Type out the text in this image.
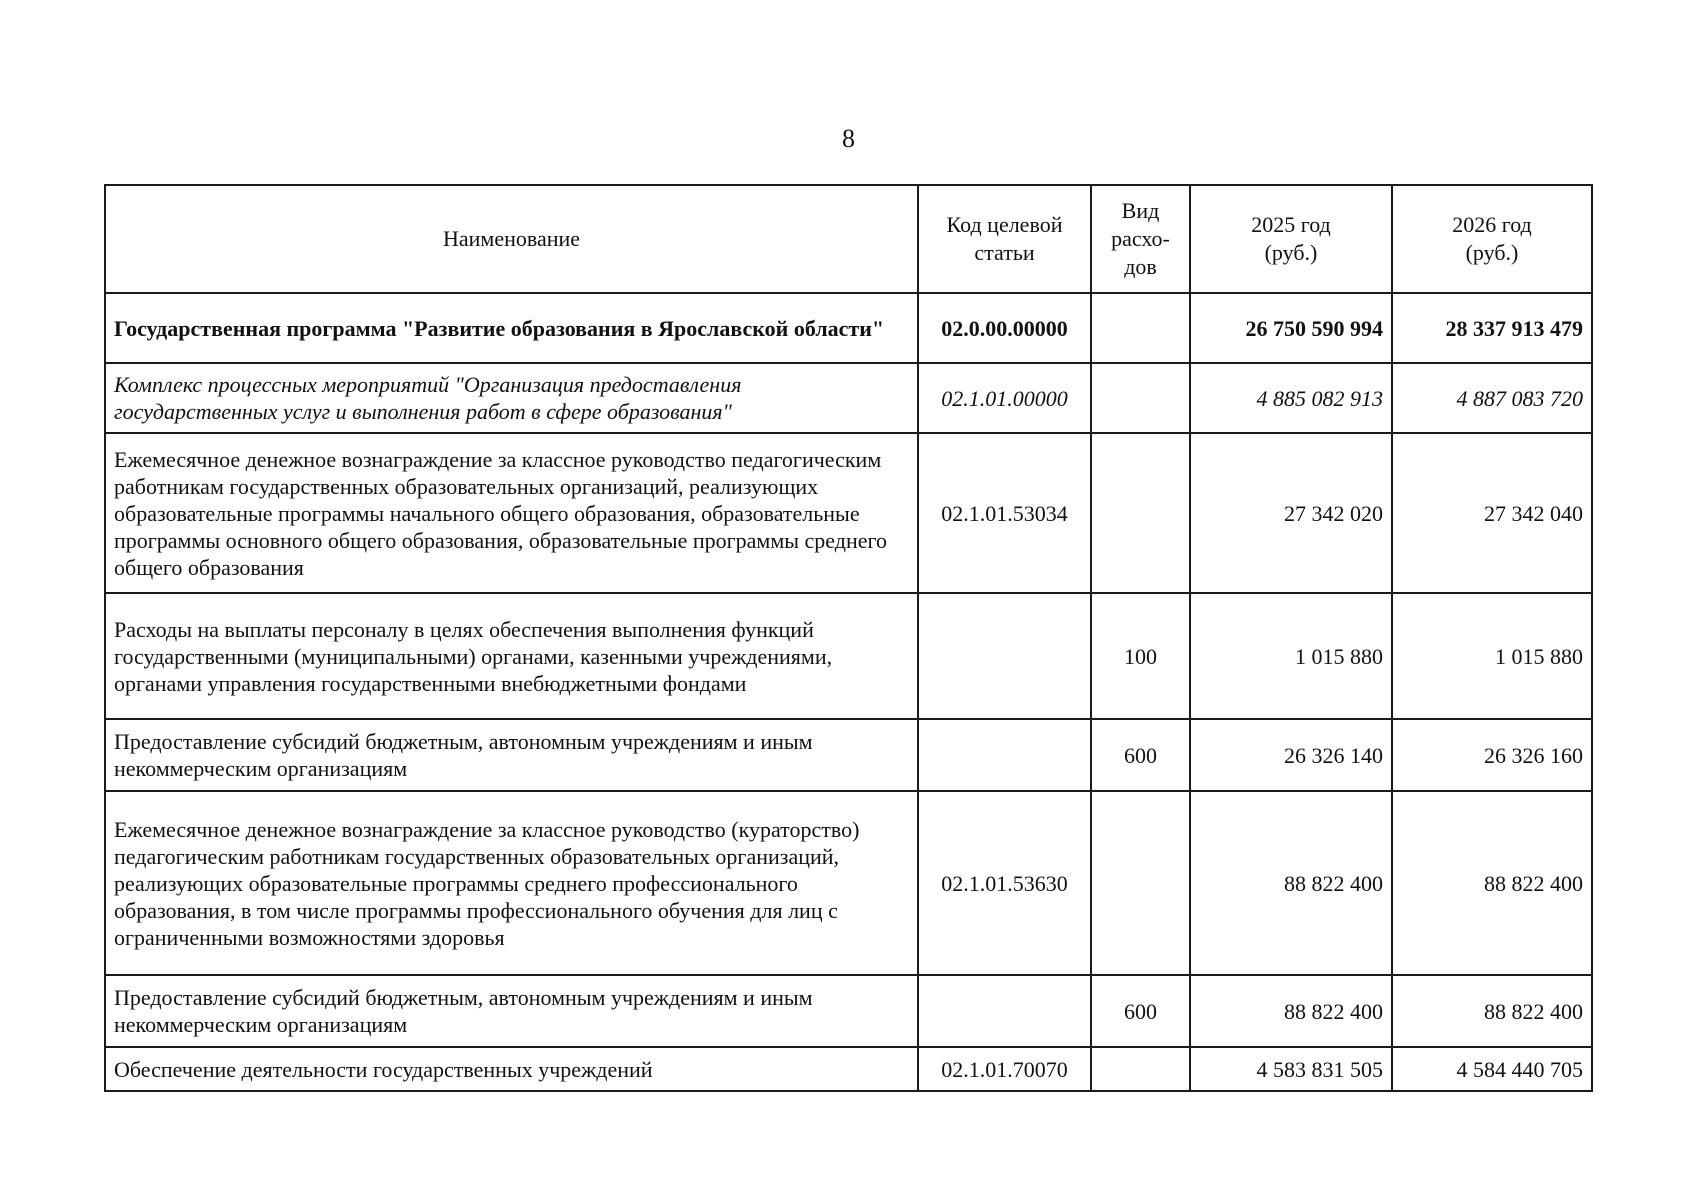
8
Наименование	Код целевой статьи	Вид расхо-дов	2025 год (руб.)	2026 год (руб.)
Государственная программа "Развитие образования в Ярославской области"	02.0.00.00000		26 750 590 994	28 337 913 479
Комплекс процессных мероприятий "Организация предоставления государственных услуг и выполнения работ в сфере образования"	02.1.01.00000		4 885 082 913	4 887 083 720
Ежемесячное денежное вознаграждение за классное руководство педагогическим работникам государственных образовательных организаций, реализующих образовательные программы начального общего образования, образовательные программы основного общего образования, образовательные программы среднего общего образования	02.1.01.53034		27 342 020	27 342 040
Расходы на выплаты персоналу в целях обеспечения выполнения функций государственными (муниципальными) органами, казенными учреждениями, органами управления государственными внебюджетными фондами		100	1 015 880	1 015 880
Предоставление субсидий бюджетным, автономным учреждениям и иным некоммерческим организациям		600	26 326 140	26 326 160
Ежемесячное денежное вознаграждение за классное руководство (кураторство) педагогическим работникам государственных образовательных организаций, реализующих образовательные программы среднего профессионального образования, в том числе программы профессионального обучения для лиц с ограниченными возможностями здоровья	02.1.01.53630		88 822 400	88 822 400
Предоставление субсидий бюджетным, автономным учреждениям и иным некоммерческим организациям		600	88 822 400	88 822 400
Обеспечение деятельности государственных учреждений	02.1.01.70070		4 583 831 505	4 584 440 705
